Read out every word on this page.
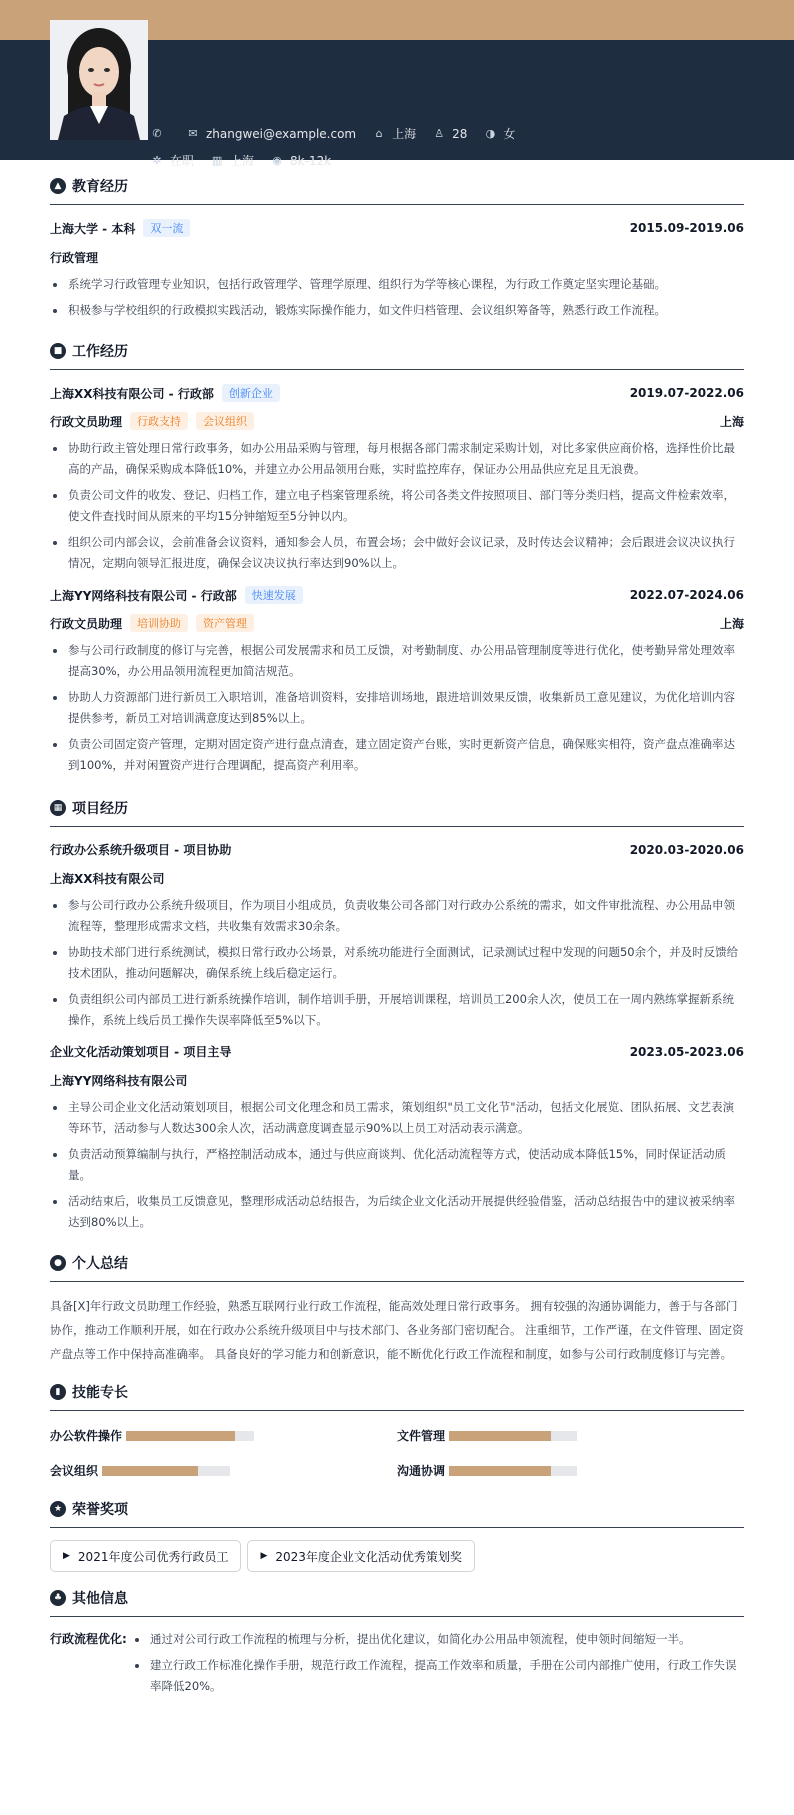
✆ ✉ zhangwei@example.com	⌂ 上海 ♙ 28 ◑ 女
✲ 在职 ▥ 上海 ◉ 8k-12k
▲ 教育经历
上海大学 - 本科	双一流	2015.09-2019.06
行政管理
系统学习行政管理专业知识，包括行政管理学、管理学原理、组织行为学等核心课程，为行政工作奠定坚实理论基础。
积极参与学校组织的行政模拟实践活动，锻炼实际操作能力，如文件归档管理、会议组织筹备等，熟悉行政工作流程。
■ 工作经历
上海XX科技有限公司 - 行政部	创新企业	2019.07-2022.06
行政文员助理	行政支持	会议组织	上海
协助行政主管处理日常行政事务，如办公用品采购与管理，每月根据各部门需求制定采购计划，对比多家供应商价格，选择性价比最高的产品，确保采购成本降低10%，并建立办公用品领用台账，实时监控库存，保证办公用品供应充足且无浪费。
负责公司文件的收发、登记、归档工作，建立电子档案管理系统，将公司各类文件按照项目、部门等分类归档，提高文件检索效率，使文件查找时间从原来的平均15分钟缩短至5分钟以内。
组织公司内部会议，会前准备会议资料，通知参会人员，布置会场；会中做好会议记录，及时传达会议精神；会后跟进会议决议执行情况，定期向领导汇报进度，确保会议决议执行率达到90%以上。
上海YY网络科技有限公司 - 行政部	快速发展	2022.07-2024.06
行政文员助理	培训协助	资产管理	上海
参与公司行政制度的修订与完善，根据公司发展需求和员工反馈，对考勤制度、办公用品管理制度等进行优化，使考勤异常处理效率提高30%，办公用品领用流程更加简洁规范。
协助人力资源部门进行新员工入职培训，准备培训资料，安排培训场地，跟进培训效果反馈，收集新员工意见建议，为优化培训内容提供参考，新员工对培训满意度达到85%以上。
负责公司固定资产管理，定期对固定资产进行盘点清查，建立固定资产台账，实时更新资产信息，确保账实相符，资产盘点准确率达到100%，并对闲置资产进行合理调配，提高资产利用率。
▦ 项目经历
行政办公系统升级项目 - 项目协助	2020.03-2020.06
上海XX科技有限公司
参与公司行政办公系统升级项目，作为项目小组成员，负责收集公司各部门对行政办公系统的需求，如文件审批流程、办公用品申领流程等，整理形成需求文档，共收集有效需求30余条。
协助技术部门进行系统测试，模拟日常行政办公场景，对系统功能进行全面测试，记录测试过程中发现的问题50余个，并及时反馈给技术团队，推动问题解决，确保系统上线后稳定运行。
负责组织公司内部员工进行新系统操作培训，制作培训手册，开展培训课程，培训员工200余人次，使员工在一周内熟练掌握新系统操作，系统上线后员工操作失误率降低至5%以下。
企业文化活动策划项目 - 项目主导	2023.05-2023.06
上海YY网络科技有限公司
主导公司企业文化活动策划项目，根据公司文化理念和员工需求，策划组织"员工文化节"活动，包括文化展览、团队拓展、文艺表演等环节，活动参与人数达300余人次，活动满意度调查显示90%以上员工对活动表示满意。
负责活动预算编制与执行，严格控制活动成本，通过与供应商谈判、优化活动流程等方式，使活动成本降低15%，同时保证活动质量。
活动结束后，收集员工反馈意见，整理形成活动总结报告，为后续企业文化活动开展提供经验借鉴，活动总结报告中的建议被采纳率达到80%以上。
● 个人总结

具备[X]年行政文员助理工作经验，熟悉互联网行业行政工作流程，能高效处理日常行政事务。 拥有较强的沟通协调能力，善于与各部门协作，推动工作顺利开展，如在行政办公系统升级项目中与技术部门、各业务部门密切配合。 注重细节，工作严谨，在文件管理、固定资产盘点等工作中保持高准确率。 具备良好的学习能力和创新意识，能不断优化行政工作流程和制度，如参与公司行政制度修订与完善。

▮ 技能专长
办公软件操作	文件管理
会议组织	沟通协调
★ 荣誉奖项
▶ 2021年度公司优秀行政员工	▶ 2023年度企业文化活动优秀策划奖
♣ 其他信息
行政流程优化:	通过对公司行政工作流程的梳理与分析，提出优化建议，如简化办公用品申领流程，使申领时间缩短一半。
建立行政工作标准化操作手册，规范行政工作流程，提高工作效率和质量，手册在公司内部推广使用，行政工作失误率降低20%。
